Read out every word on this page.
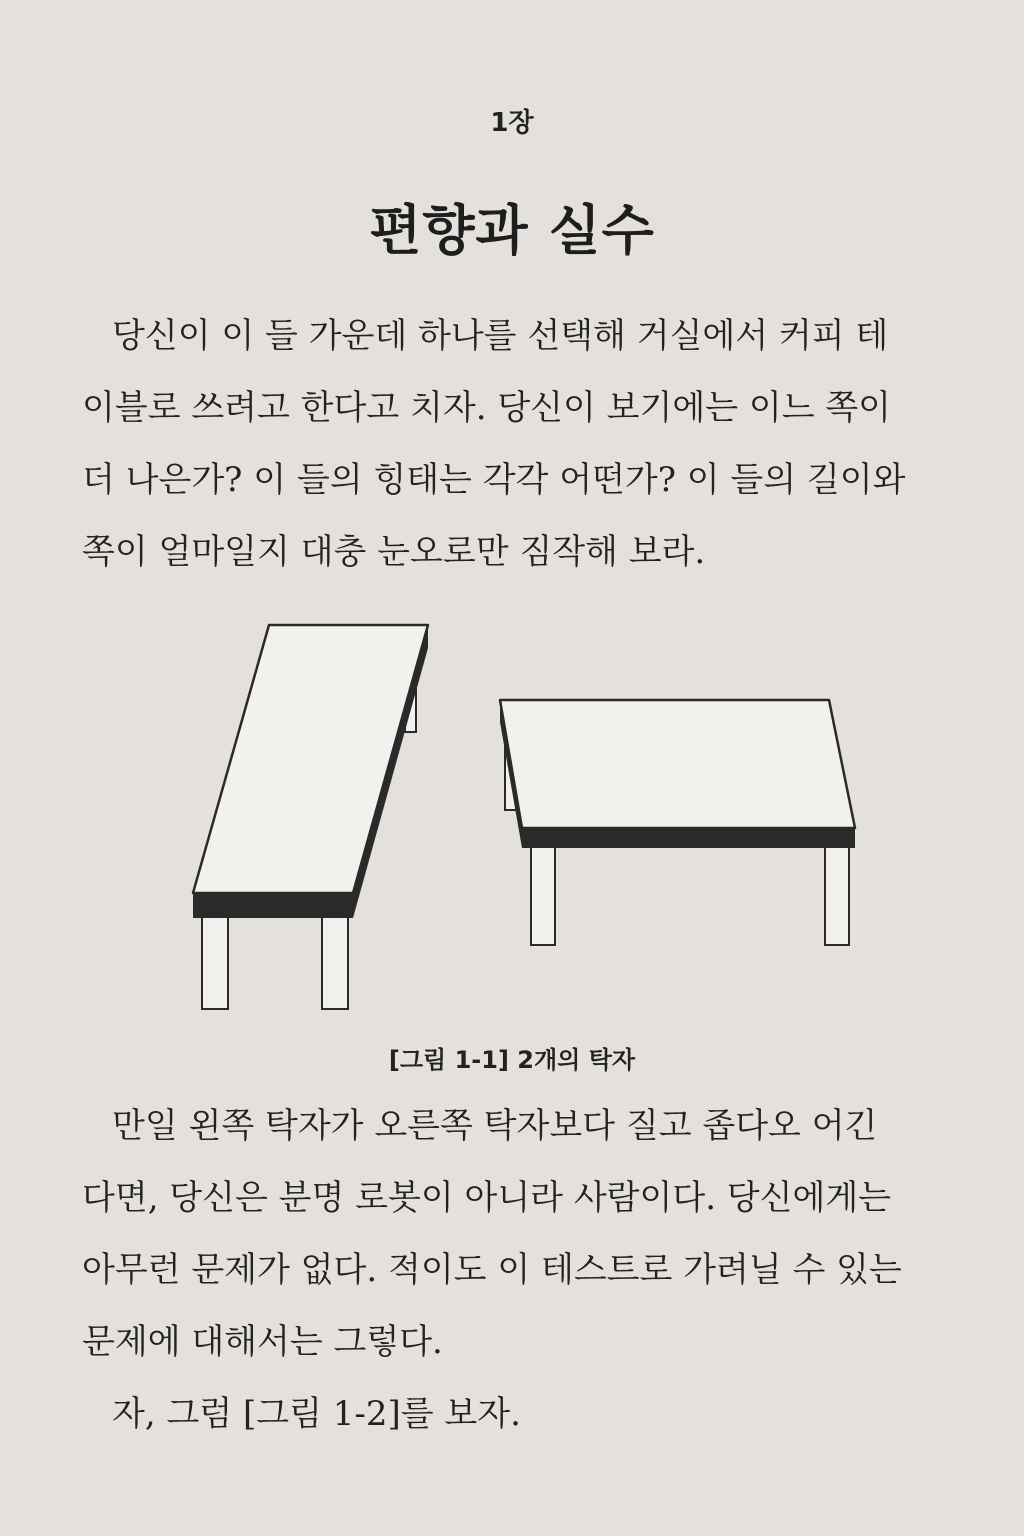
1장
편향과 실수
당신이 이 들 가운데 하나를 선택해 거실에서 커피 테
이블로 쓰려고 한다고 치자. 당신이 보기에는 이느 쪽이
더 나은가? 이 들의 힝태는 각각 어떤가? 이 들의 길이와
쪽이 얼마일지 대충 눈오로만 짐작해 보라.
[그림 1-1] 2개의 탁자
만일 왼쪽 탁자가 오른쪽 탁자보다 질고 좁다오 어긴
다면, 당신은 분명 로봇이 아니라 사람이다. 당신에게는
아무런 문제가 없다. 적이도 이 테스트로 가려닐 수 있는
문제에 대해서는 그렇다.
자, 그럼 [그림 1-2]를 보자.
